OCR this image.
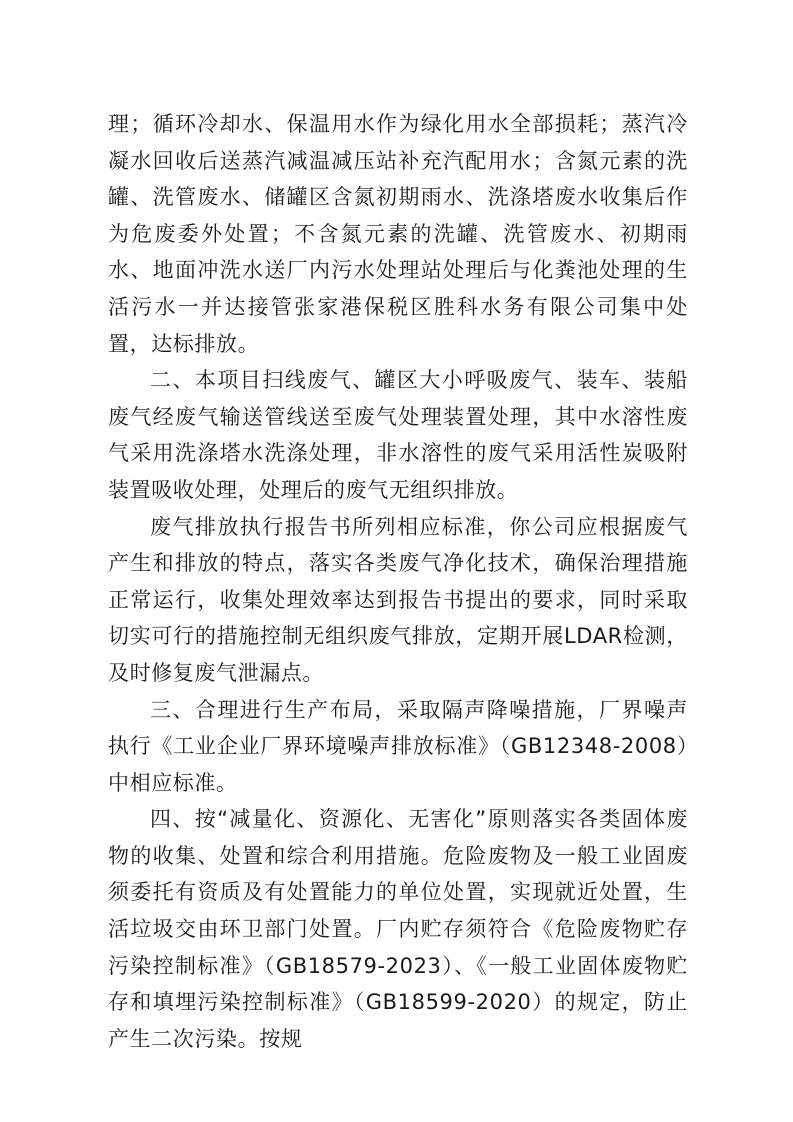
理；循环冷却水、保温用水作为绿化用水全部损耗；蒸汽冷凝水回收后送蒸汽减温减压站补充汽配用水；含氮元素的洗罐、洗管废水、储罐区含氮初期雨水、洗涤塔废水收集后作为危废委外处置；不含氮元素的洗罐、洗管废水、初期雨水、地面冲洗水送厂内污水处理站处理后与化粪池处理的生活污水一并达接管张家港保税区胜科水务有限公司集中处置，达标排放。

二、本项目扫线废气、罐区大小呼吸废气、装车、装船废气经废气输送管线送至废气处理装置处理，其中水溶性废气采用洗涤塔水洗涤处理，非水溶性的废气采用活性炭吸附装置吸收处理，处理后的废气无组织排放。

废气排放执行报告书所列相应标准，你公司应根据废气产生和排放的特点，落实各类废气净化技术，确保治理措施正常运行，收集处理效率达到报告书提出的要求，同时采取切实可行的措施控制无组织废气排放，定期开展LDAR检测，及时修复废气泄漏点。

三、合理进行生产布局，采取隔声降噪措施，厂界噪声执行《工业企业厂界环境噪声排放标准》（GB12348-2008）中相应标准。

四、按“减量化、资源化、无害化”原则落实各类固体废物的收集、处置和综合利用措施。危险废物及一般工业固废须委托有资质及有处置能力的单位处置，实现就近处置，生活垃圾交由环卫部门处置。厂内贮存须符合《危险废物贮存污染控制标准》（GB18579-2023）、《一般工业固体废物贮存和填埋污染控制标准》（GB18599-2020）的规定，防止产生二次污染。按规
